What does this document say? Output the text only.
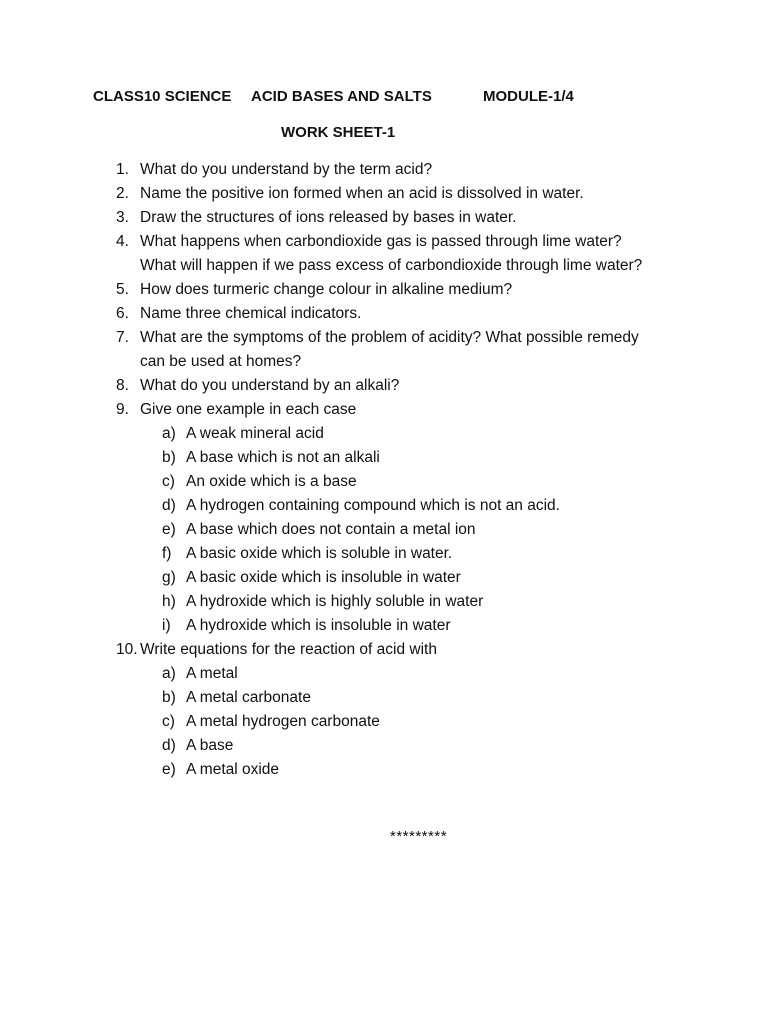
CLASS10 SCIENCE ACID BASES AND SALTS	MODULE-1/4
WORK SHEET-1
1. What do you understand by the term acid?
2. Name the positive ion formed when an acid is dissolved in water.
3. Draw the structures of ions released by bases in water.
4. What happens when carbondioxide gas is passed through lime water? What will happen if we pass excess of carbondioxide through lime water?
5. How does turmeric change colour in alkaline medium?
6. Name three chemical indicators.
7. What are the symptoms of the problem of acidity? What possible remedy can be used at homes?
8. What do you understand by an alkali?
9. Give one example in each case
a) A weak mineral acid
b) A base which is not an alkali
c) An oxide which is a base
d) A hydrogen containing compound which is not an acid.
e) A base which does not contain a metal ion
f) A basic oxide which is soluble in water.
g) A basic oxide which is insoluble in water
h) A hydroxide which is highly soluble in water
i) A hydroxide which is insoluble in water
10. Write equations for the reaction of acid with
a) A metal
b) A metal carbonate
c) A metal hydrogen carbonate
d) A base
e) A metal oxide
*********
